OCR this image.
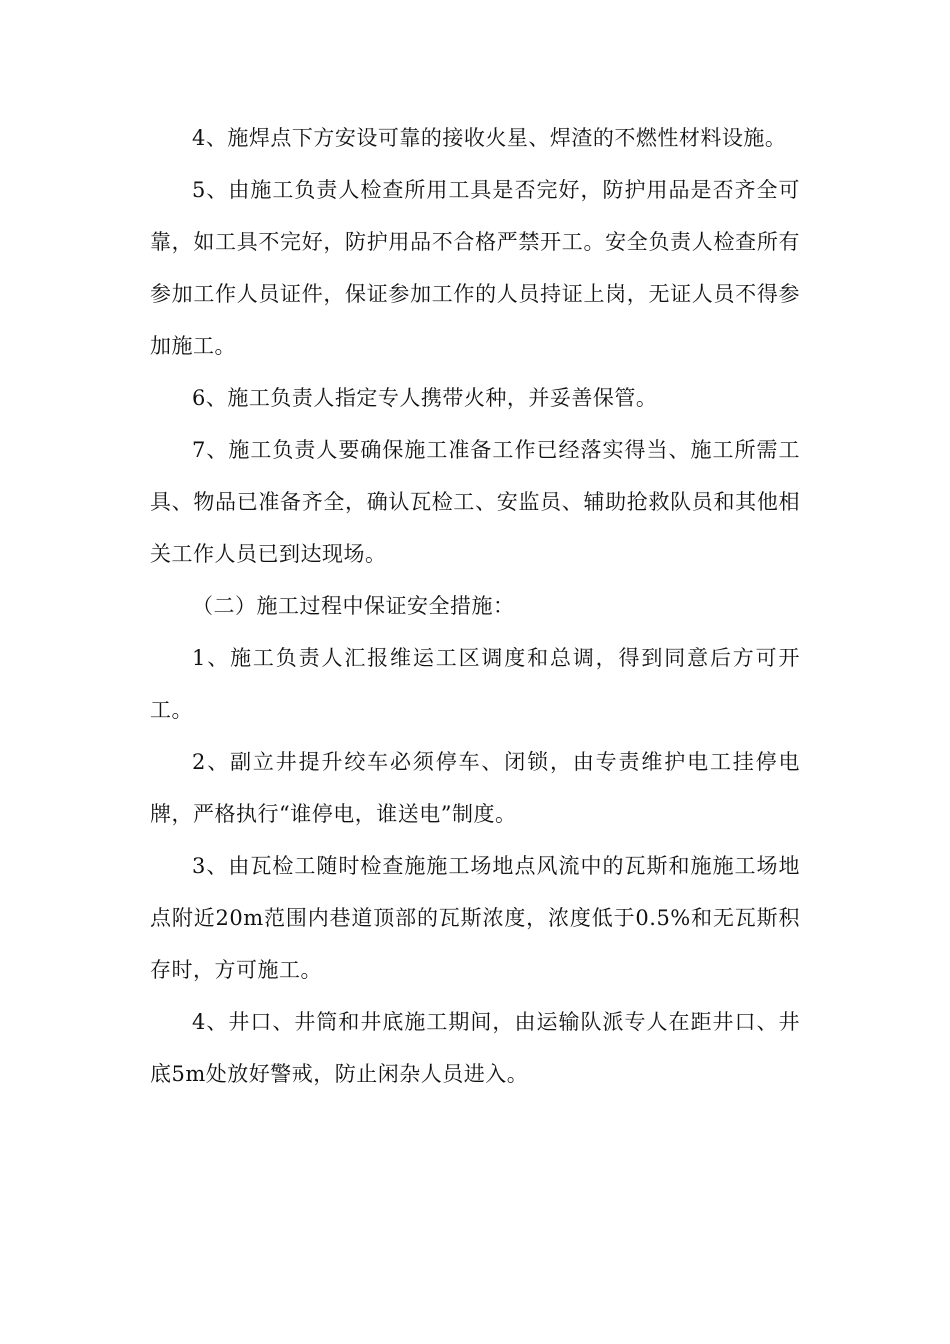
4、施焊点下方安设可靠的接收火星、焊渣的不燃性材料设施。

5、由施工负责人检查所用工具是否完好，防护用品是否齐全可靠，如工具不完好，防护用品不合格严禁开工。安全负责人检查所有参加工作人员证件，保证参加工作的人员持证上岗，无证人员不得参加施工。

6、施工负责人指定专人携带火种，并妥善保管。

7、施工负责人要确保施工准备工作已经落实得当、施工所需工具、物品已准备齐全，确认瓦检工、安监员、辅助抢救队员和其他相关工作人员已到达现场。

（二）施工过程中保证安全措施：

1、施工负责人汇报维运工区调度和总调，得到同意后方可开工。

2、副立井提升绞车必须停车、闭锁，由专责维护电工挂停电牌，严格执行“谁停电，谁送电”制度。

3、由瓦检工随时检查施施工场地点风流中的瓦斯和施施工场地点附近20m范围内巷道顶部的瓦斯浓度，浓度低于0.5%和无瓦斯积存时，方可施工。

4、井口、井筒和井底施工期间，由运输队派专人在距井口、井底5m处放好警戒，防止闲杂人员进入。
